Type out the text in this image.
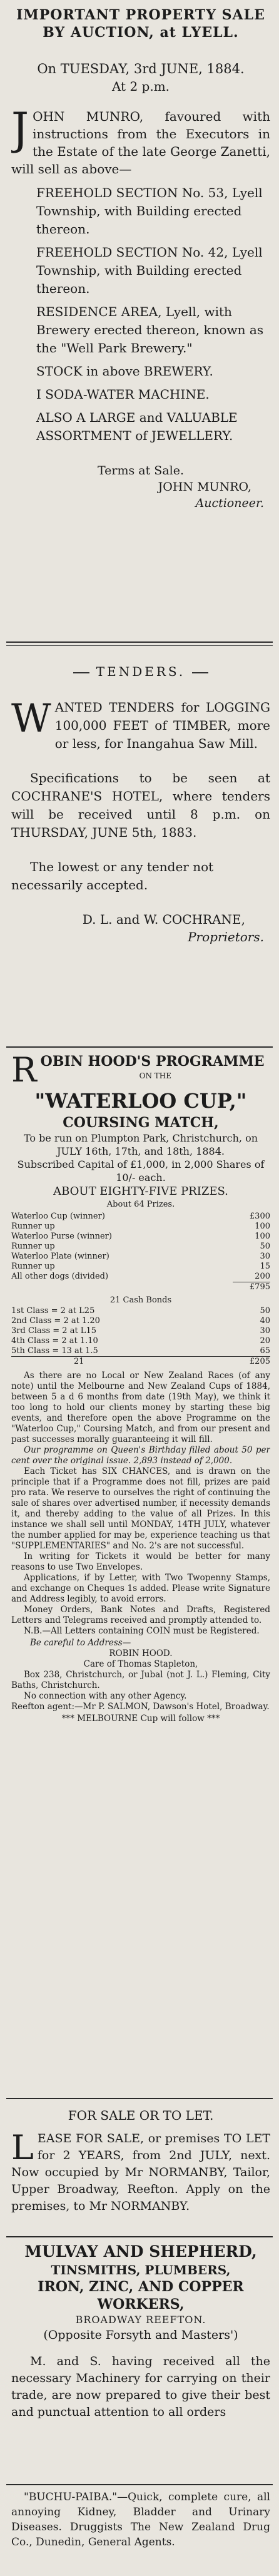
IMPORTANT PROPERTY SALE BY AUCTION, at LYELL.
On TUESDAY, 3rd JUNE, 1884.
At 2 p.m.
J OHN MUNRO, favoured with instructions from the Executors in the Estate of the late George Zanetti, will sell as above—
FREEHOLD SECTION No. 53, Lyell Township, with Building erected thereon.
FREEHOLD SECTION No. 42, Lyell Township, with Building erected thereon.
RESIDENCE AREA, Lyell, with Brewery erected thereon, known as the "Well Park Brewery."
STOCK in above BREWERY.
I SODA-WATER MACHINE.
ALSO A LARGE and VALUABLE ASSORTMENT of JEWELLERY.
Terms at Sale.
JOHN MUNRO,
Auctioneer.
TENDERS.
W ANTED TENDERS for LOGGING 100,000 FEET of TIMBER, more or less, for Inangahua Saw Mill.
Specifications to be seen at COCHRANE'S HOTEL, where tenders will be received until 8 p.m. on THURSDAY, JUNE 5th, 1883.
The lowest or any tender not necessarily accepted.
D. L. and W. COCHRANE,
Proprietors.
R OBIN HOOD'S PROGRAMME
ON THE
"WATERLOO CUP,"
COURSING MATCH,
To be run on Plumpton Park, Christchurch, on
JULY 16th, 17th, and 18th, 1884.
Subscribed Capital of £1,000, in 2,000 Shares of 10/- each.
ABOUT EIGHTY-FIVE PRIZES.
About 64 Prizes.
Waterloo Cup (winner)	£300
Runner up	100
Waterloo Purse (winner)	100
Runner up	50
Waterloo Plate (winner)	30
Runner up	15
All other dogs (divided)	200
	£795
21 Cash Bonds
1st Class = 2 at L25	50
2nd Class = 2 at 1.20	40
3rd Class = 2 at L15	30
4th Class = 2 at 1.10	20
5th Class = 13 at 1.5	65
21	£205
As there are no Local or New Zealand Races (of any note) until the Melbourne and New Zealand Cups of 1884, between 5 a d 6 months from date (19th May), we think it too long to hold our clients money by starting these big events, and therefore open the above Programme on the "Waterloo Cup," Coursing Match, and from our present and past successes morally guaranteeing it will fill.
Our programme on Queen's Birthday filled about 50 per cent over the original issue. 2,893 instead of 2,000.
Each Ticket has SIX CHANCES, and is drawn on the principle that if a Programme does not fill, prizes are paid pro rata. We reserve to ourselves the right of continuing the sale of shares over advertised number, if necessity demands it, and thereby adding to the value of all Prizes. In this instance we shall sell until MONDAY, 14TH JULY, whatever the number applied for may be, experience teaching us that "SUPPLEMENTARIES" and No. 2's are not successful.
In writing for Tickets it would be better for many reasons to use Two Envelopes.
Applications, if by Letter, with Two Twopenny Stamps, and exchange on Cheques 1s added. Please write Signature and Address legibly, to avoid errors.
Money Orders, Bank Notes and Drafts, Registered Letters and Telegrams received and promptly attended to.
N.B.—All Letters containing COIN must be Registered.
Be careful to Address—
ROBIN HOOD.
Care of Thomas Stapleton,
Box 238, Christchurch, or Jubal (not J. L.) Fleming, City Baths, Christchurch.
No connection with any other Agency.
Reefton agent:—Mr P. SALMON, Dawson's Hotel, Broadway.
*** MELBOURNE Cup will follow ***
FOR SALE OR TO LET.
L EASE FOR SALE, or premises TO LET for 2 YEARS, from 2nd JULY, next. Now occupied by Mr NORMANBY, Tailor, Upper Broadway, Reefton. Apply on the premises, to Mr NORMANBY.
MULVAY AND SHEPHERD,
TINSMITHS, PLUMBERS,
IRON, ZINC, AND COPPER
WORKERS,
BROADWAY REEFTON.
(Opposite Forsyth and Masters')
M. and S. having received all the necessary Machinery for carrying on their trade, are now prepared to give their best and punctual attention to all orders
"BUCHU-PAIBA."—Quick, complete cure, all annoying Kidney, Bladder and Urinary Diseases. Druggists The New Zealand Drug Co., Dunedin, General Agents.
